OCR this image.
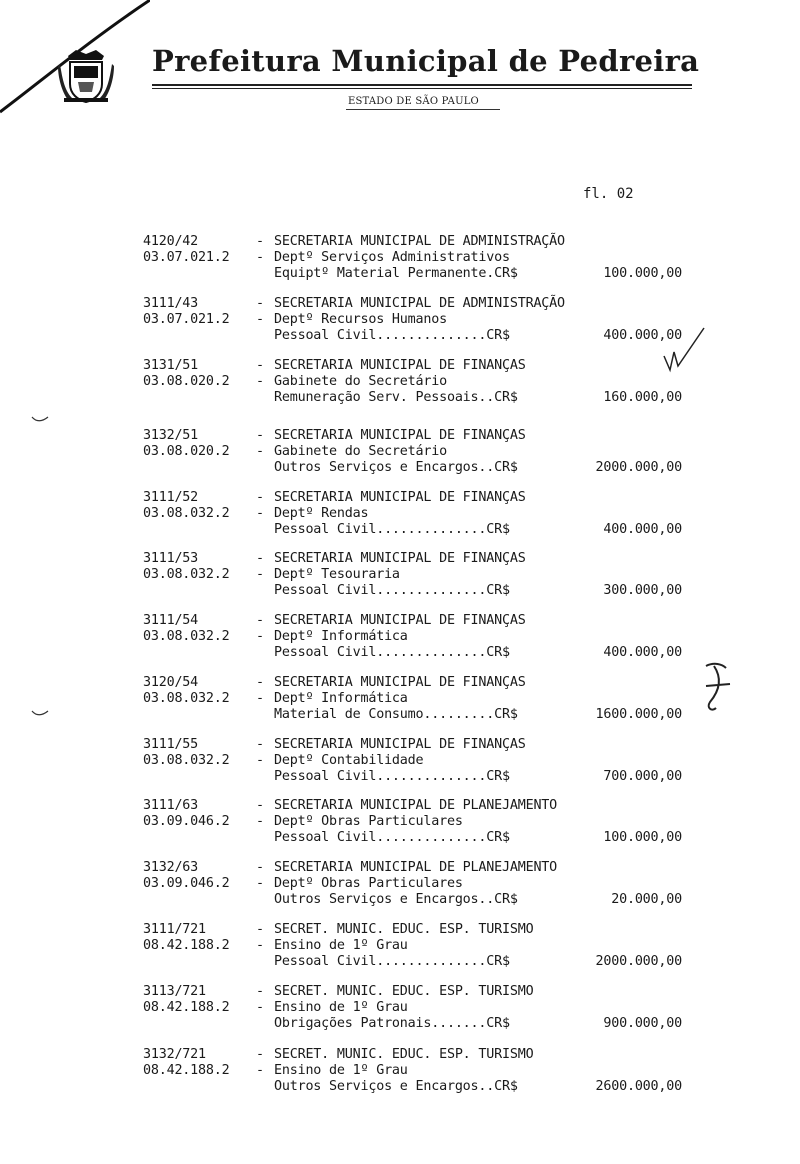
Prefeitura Municipal de Pedreira
ESTADO DE SÃO PAULO
fl. 02
4120/42	- SECRETARIA MUNICIPAL DE ADMINISTRAÇÃO
03.07.021.2 - Deptº Serviços Administrativos
Equiptº Material Permanente.CR$	100.000,00
3111/43	- SECRETARIA MUNICIPAL DE ADMINISTRAÇÃO
03.07.021.2 - Deptº Recursos Humanos
Pessoal Civil..............CR$	400.000,00
3131/51	- SECRETARIA MUNICIPAL DE FINANÇAS
03.08.020.2 - Gabinete do Secretário
Remuneração Serv. Pessoais..CR$	160.000,00
3132/51	- SECRETARIA MUNICIPAL DE FINANÇAS
03.08.020.2 - Gabinete do Secretário
Outros Serviços e Encargos..CR$	2000.000,00
3111/52	- SECRETARIA MUNICIPAL DE FINANÇAS
03.08.032.2 - Deptº Rendas
Pessoal Civil..............CR$	400.000,00
3111/53	- SECRETARIA MUNICIPAL DE FINANÇAS
03.08.032.2 - Deptº Tesouraria
Pessoal Civil..............CR$	300.000,00
3111/54	- SECRETARIA MUNICIPAL DE FINANÇAS
03.08.032.2 - Deptº Informática
Pessoal Civil..............CR$	400.000,00
3120/54	- SECRETARIA MUNICIPAL DE FINANÇAS
03.08.032.2 - Deptº Informática
Material de Consumo.........CR$	1600.000,00
3111/55	- SECRETARIA MUNICIPAL DE FINANÇAS
03.08.032.2 - Deptº Contabilidade
Pessoal Civil..............CR$	700.000,00
3111/63	- SECRETARIA MUNICIPAL DE PLANEJAMENTO
03.09.046.2 - Deptº Obras Particulares
Pessoal Civil..............CR$	100.000,00
3132/63	- SECRETARIA MUNICIPAL DE PLANEJAMENTO
03.09.046.2 - Deptº Obras Particulares
Outros Serviços e Encargos..CR$	20.000,00
3111/721	- SECRET. MUNIC. EDUC. ESP. TURISMO
08.42.188.2 - Ensino de 1º Grau
Pessoal Civil..............CR$	2000.000,00
3113/721	- SECRET. MUNIC. EDUC. ESP. TURISMO
08.42.188.2 - Ensino de 1º Grau
Obrigações Patronais.......CR$	900.000,00
3132/721	- SECRET. MUNIC. EDUC. ESP. TURISMO
08.42.188.2 - Ensino de 1º Grau
Outros Serviços e Encargos..CR$	2600.000,00
